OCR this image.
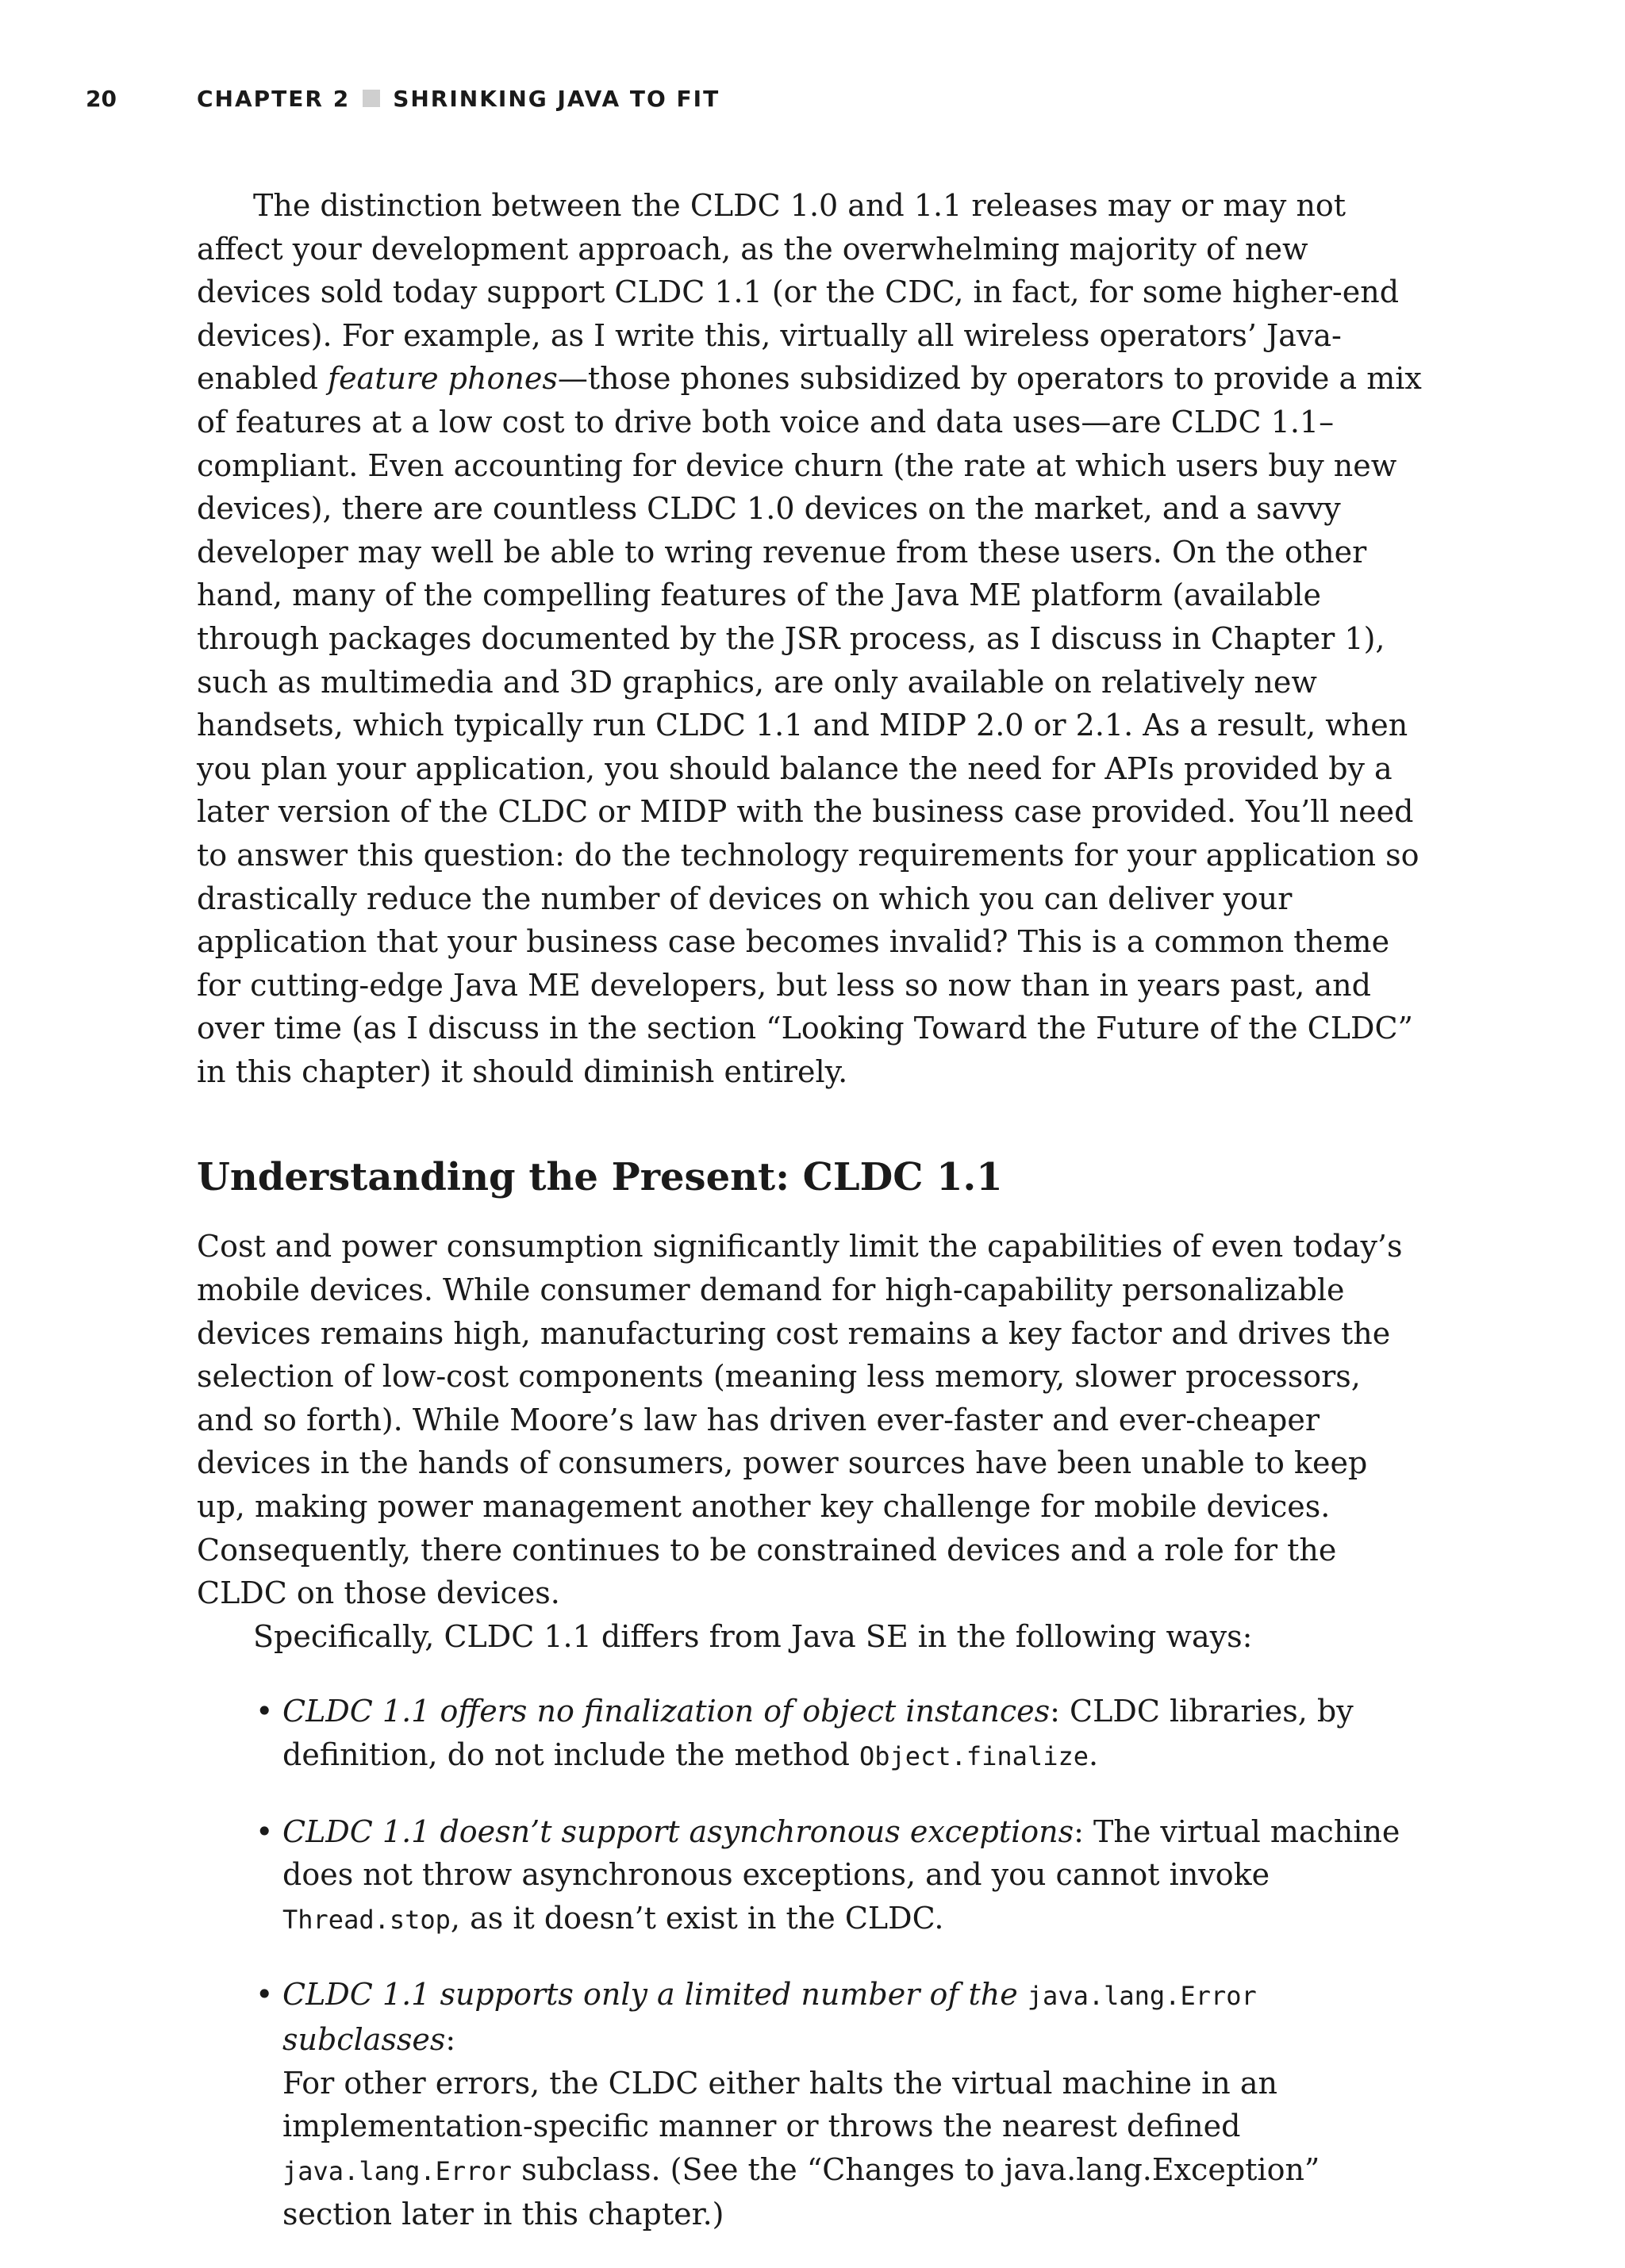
20	CHAPTER 2 SHRINKING JAVA TO FIT

The distinction between the CLDC 1.0 and 1.1 releases may or may not affect your development approach, as the overwhelming majority of new devices sold today support CLDC 1.1 (or the CDC, in fact, for some higher-end devices). For example, as I write this, virtually all wireless operators’ Java-enabled feature phones—those phones subsidized by operators to provide a mix of features at a low cost to drive both voice and data uses—are CLDC 1.1–compliant. Even accounting for device churn (the rate at which users buy new devices), there are countless CLDC 1.0 devices on the market, and a savvy developer may well be able to wring revenue from these users. On the other hand, many of the compelling features of the Java ME platform (available through packages documented by the JSR process, as I discuss in Chapter 1), such as multimedia and 3D graphics, are only available on relatively new handsets, which typically run CLDC 1.1 and MIDP 2.0 or 2.1. As a result, when you plan your application, you should balance the need for APIs provided by a later version of the CLDC or MIDP with the business case provided. You’ll need to answer this question: do the technology requirements for your application so drastically reduce the number of devices on which you can deliver your application that your business case becomes invalid? This is a common theme for cutting-edge Java ME developers, but less so now than in years past, and over time (as I discuss in the section “Looking Toward the Future of the CLDC” in this chapter) it should diminish entirely.

Understanding the Present: CLDC 1.1

Cost and power consumption significantly limit the capabilities of even today’s mobile devices. While consumer demand for high-capability personalizable devices remains high, manufacturing cost remains a key factor and drives the selection of low-cost components (meaning less memory, slower processors, and so forth). While Moore’s law has driven ever-faster and ever-cheaper devices in the hands of consumers, power sources have been unable to keep up, making power management another key challenge for mobile devices. Consequently, there continues to be constrained devices and a role for the CLDC on those devices.

Specifically, CLDC 1.1 differs from Java SE in the following ways:

• CLDC 1.1 offers no finalization of object instances: CLDC libraries, by definition, do not include the method Object.finalize.
• CLDC 1.1 doesn’t support asynchronous exceptions: The virtual machine does not throw asynchronous exceptions, and you cannot invoke Thread.stop, as it doesn’t exist in the CLDC.
• CLDC 1.1 supports only a limited number of the java.lang.Error subclasses:
For other errors, the CLDC either halts the virtual machine in an implementation-specific manner or throws the nearest defined java.lang.Error subclass. (See the “Changes to java.lang.Exception” section later in this chapter.)
